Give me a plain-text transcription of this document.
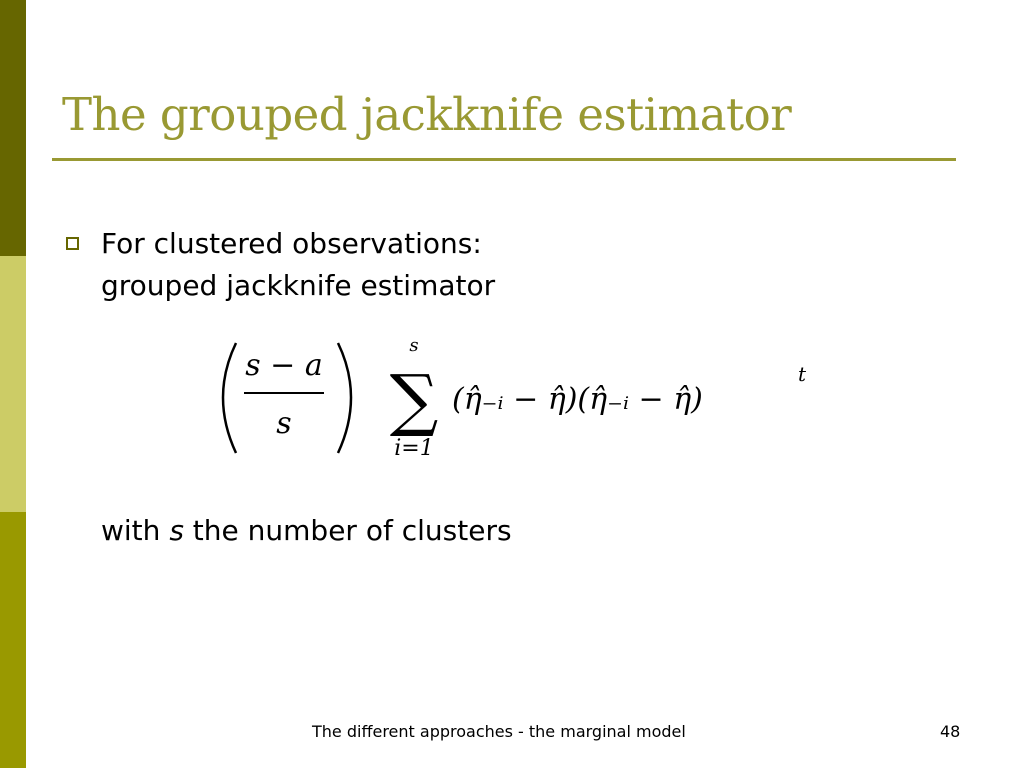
The grouped jackknife estimator
For clustered observations:
grouped jackknife estimator
s − a
s
s
∑
i=1
(η̂₋ᵢ − η̂)(η̂₋ᵢ − η̂)
t
with s the number of clusters
The different approaches - the marginal model	48
